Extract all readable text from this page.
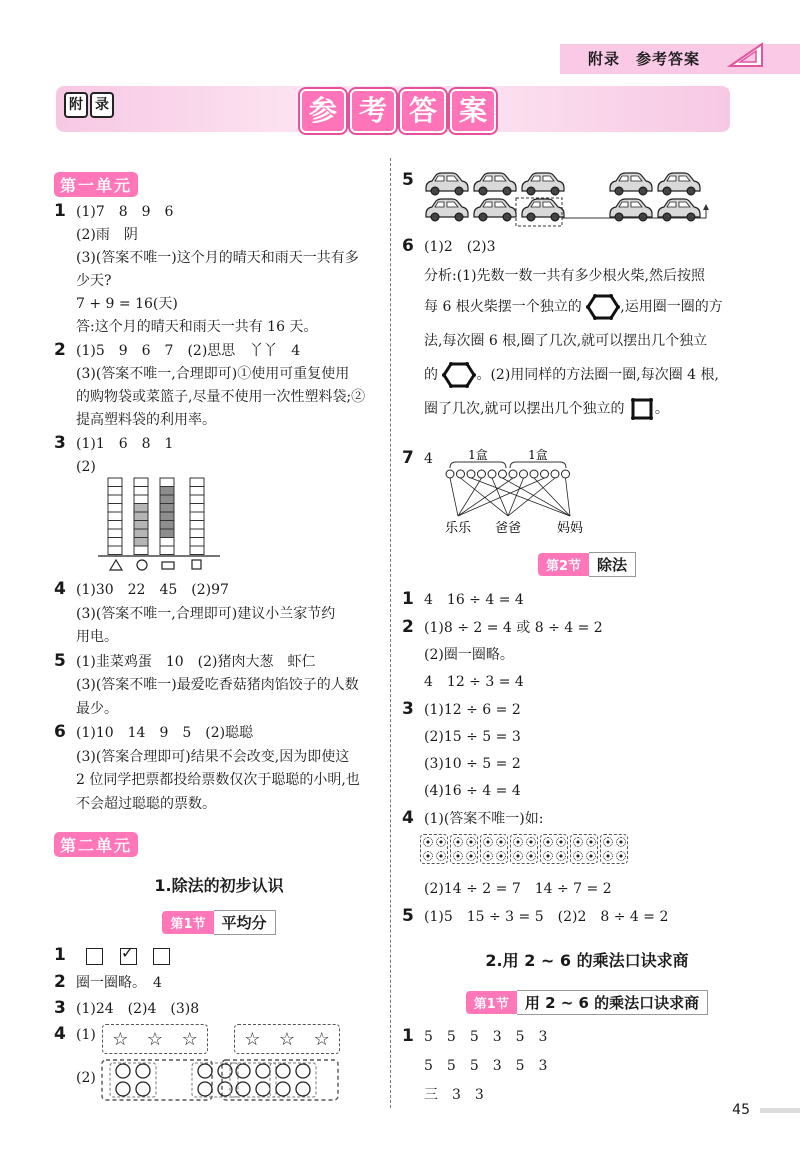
附录　参考答案
附 录	参 考 答 案
第一单元
1 (1)7　8　9　6
(2)雨　阴
(3)(答案不唯一)这个月的晴天和雨天一共有多
少天?
7 + 9 = 16(天)
答:这个月的晴天和雨天一共有 16 天。
2 (1)5　9　6　7　(2)思思　丫丫　4
(3)(答案不唯一,合理即可)①使用可重复使用
的购物袋或菜篮子,尽量不使用一次性塑料袋;②
提高塑料袋的利用率。
3 (1)1　6　8　1
(2)
4 (1)30　22　45　(2)97
(3)(答案不唯一,合理即可)建议小兰家节约
用电。
5 (1)韭菜鸡蛋　10　(2)猪肉大葱　虾仁
(3)(答案不唯一)最爱吃香菇猪肉馅饺子的人数
最少。
6 (1)10　14　9　5　(2)聪聪
(3)(答案合理即可)结果不会改变,因为即使这
2 位同学把票都投给票数仅次于聪聪的小明,也
不会超过聪聪的票数。
第二单元
1.除法的初步认识
第1节	平均分
1	✓

2 圈一圈略。　4
3 (1)24　(2)4　(3)8
4 (1)
(2)
☆ ☆ ☆	☆ ☆ ☆
5
6 (1)2　(2)3
分析:(1)先数一数一共有多少根火柴,然后按照
每 6 根火柴摆一个独立的	,运用圈一圈的方
法,每次圈 6 根,圈了几次,就可以摆出几个独立
的	。(2)用同样的方法圈一圈,每次圈 4 根,
圈了几次,就可以摆出几个独立的 。
7 4	1盒	1盒
乐乐 爸爸	妈妈
第2节	除法
1 4　16 ÷ 4 = 4
2 (1)8 ÷ 2 = 4 或 8 ÷ 4 = 2
(2)圈一圈略。
4　12 ÷ 3 = 4
3 (1)12 ÷ 6 = 2
(2)15 ÷ 5 = 3
(3)10 ÷ 5 = 2
(4)16 ÷ 4 = 4
4 (1)(答案不唯一)如:
(2)14 ÷ 2 = 7　14 ÷ 7 = 2
5 (1)5　15 ÷ 3 = 5　(2)2　8 ÷ 4 = 2
2.用 2 ~ 6 的乘法口诀求商
第1节	用 2 ~ 6 的乘法口诀求商
1 5　5　5　3　5　3
5　5　5　3　5　3
三　3　3
45
